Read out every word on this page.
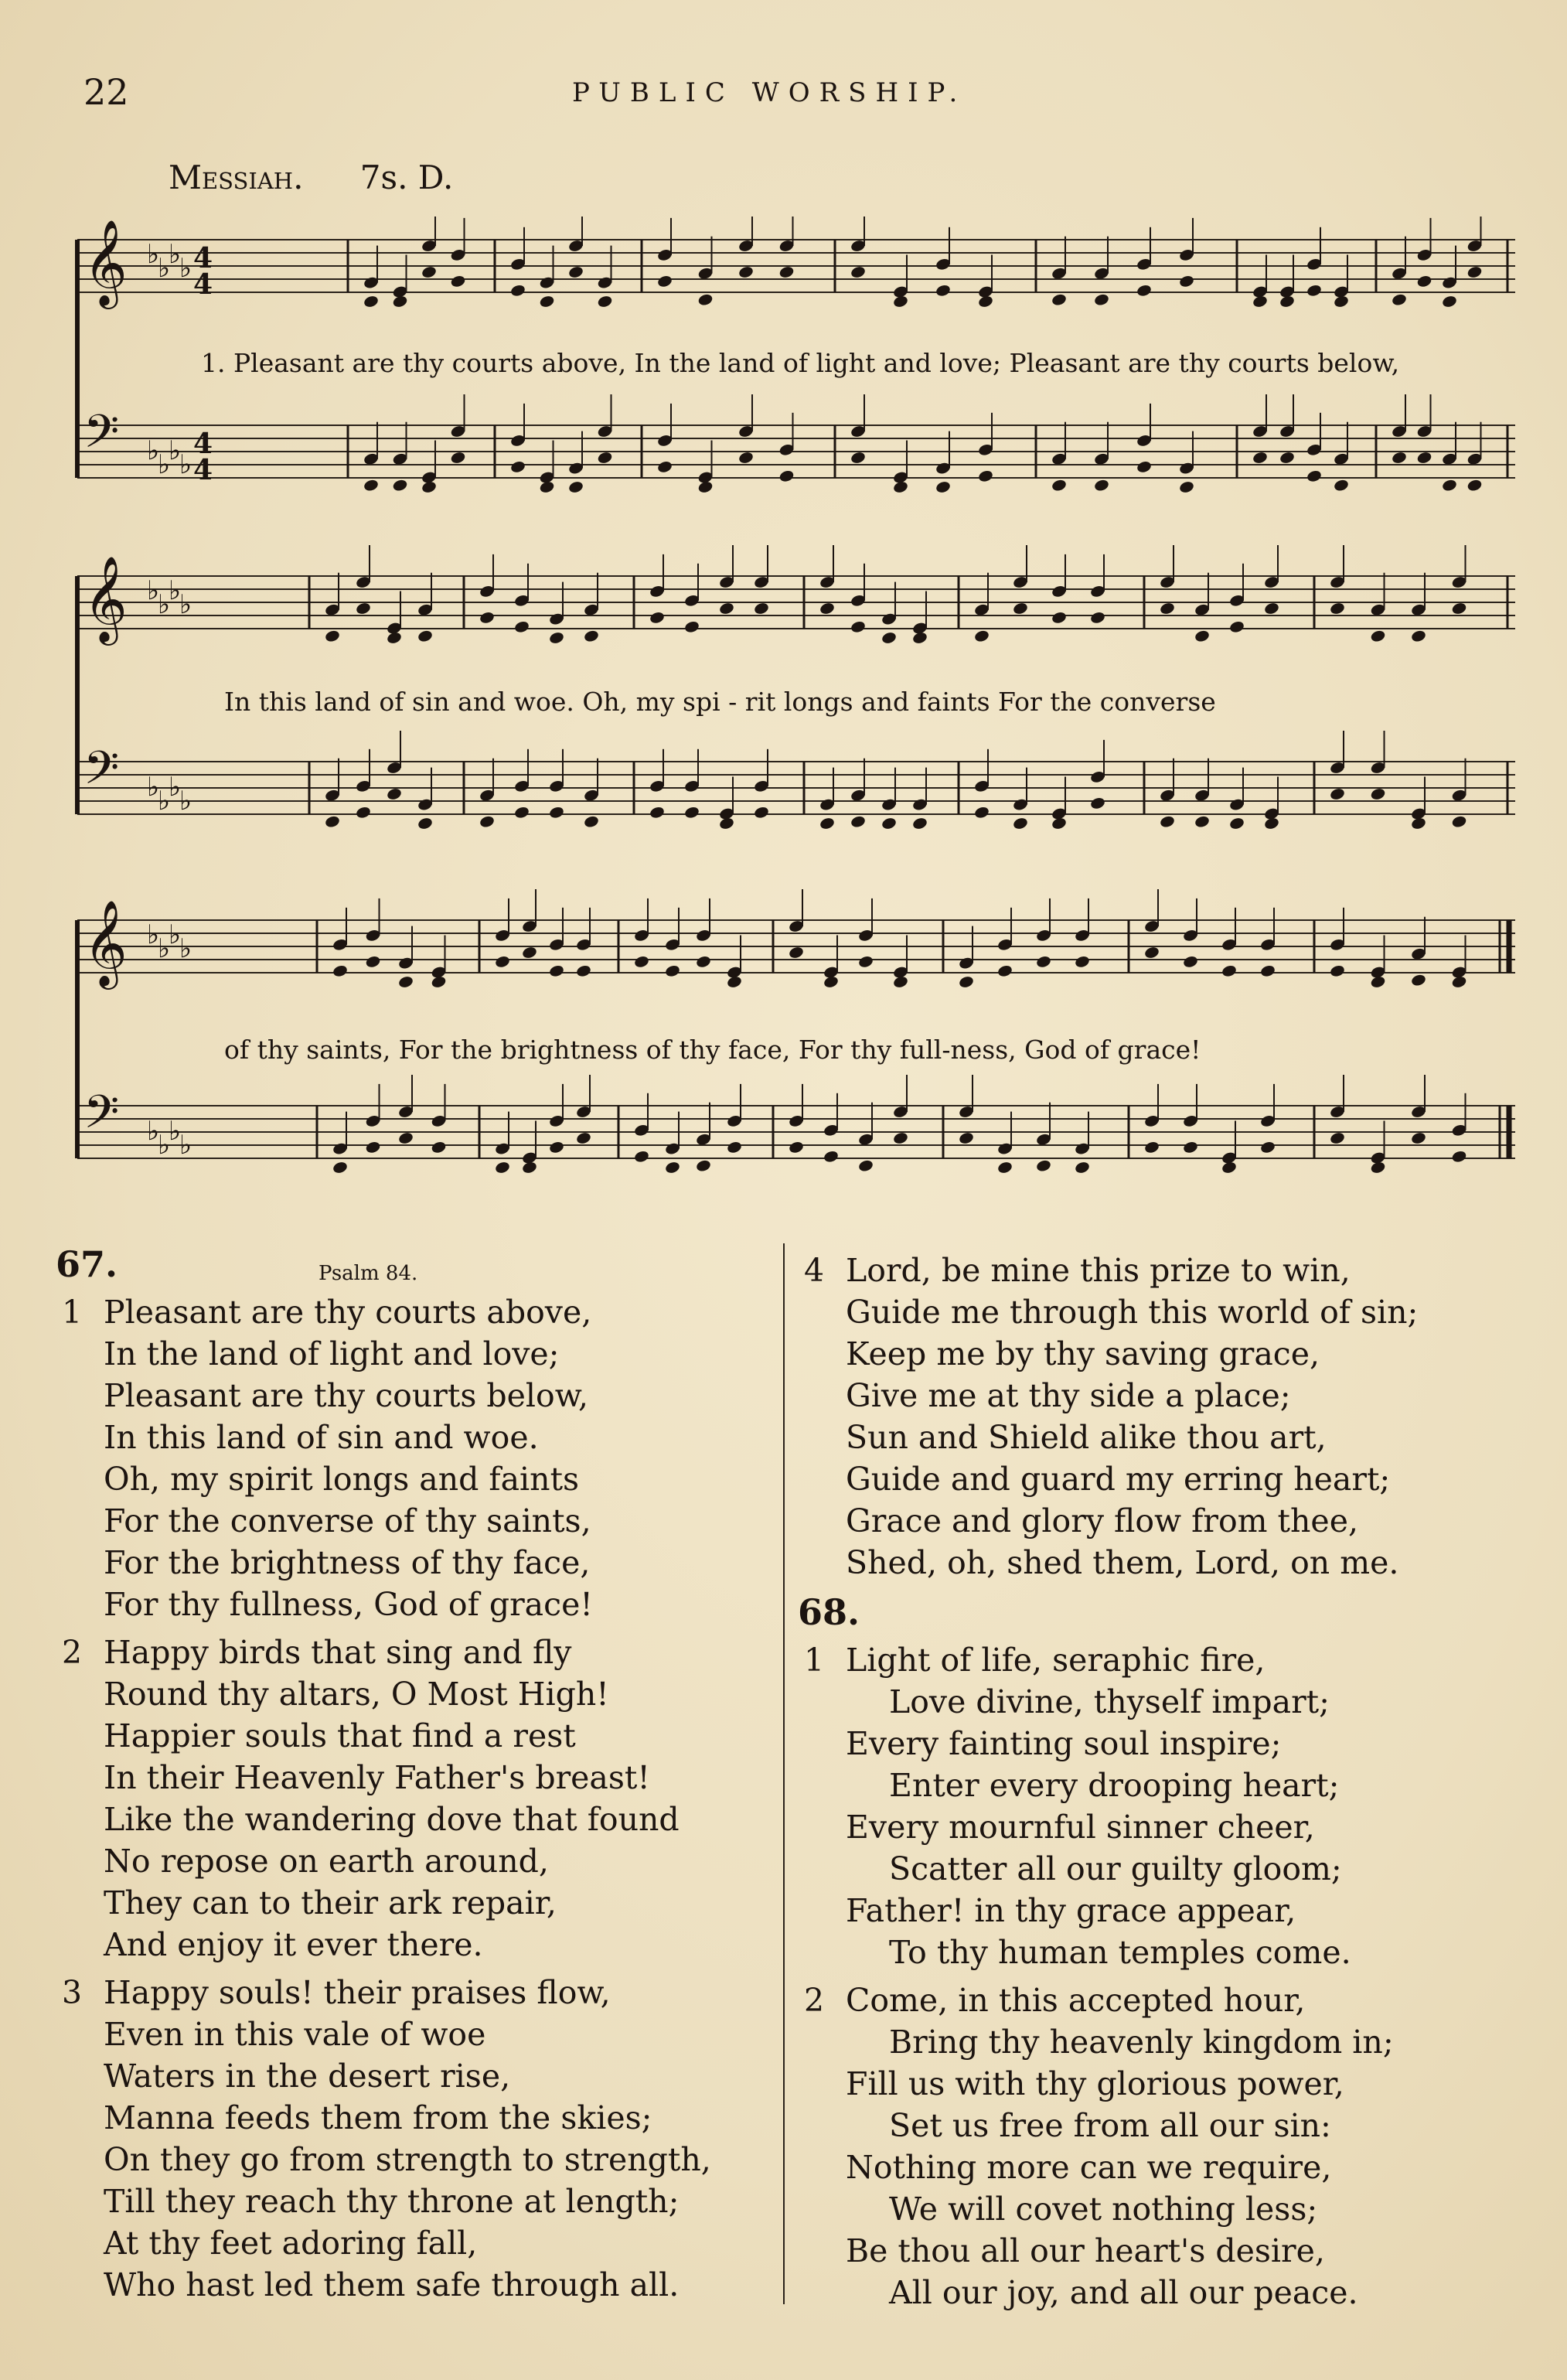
22	PUBLIC WORSHIP.
Messiah. 7s. D.
𝄞 ♭
♭
♭
♭ 4
4
𝄢 ♭
♭
♭
♭
4
4
𝄞 ♭
♭
♭
♭
𝄢 ♭
♭
♭
♭
𝄞 ♭
♭
♭
♭
𝄢 ♭
♭
♭
♭
1. Pleasant are thy courts above, In the land of light and love; Pleasant are thy courts below,
In this land of sin and woe. Oh, my spi - rit longs and faints For the converse
of thy saints, For the brightness of thy face, For thy full-ness, God of grace!
67.	Psalm 84.
1 Pleasant are thy courts above,
In the land of light and love;
Pleasant are thy courts below,
In this land of sin and woe.
Oh, my spirit longs and faints
For the converse of thy saints,
For the brightness of thy face,
For thy fullness, God of grace!
2 Happy birds that sing and fly
Round thy altars, O Most High!
Happier souls that find a rest
In their Heavenly Father's breast!
Like the wandering dove that found
No repose on earth around,
They can to their ark repair,
And enjoy it ever there.
3 Happy souls! their praises flow,
Even in this vale of woe
Waters in the desert rise,
Manna feeds them from the skies;
On they go from strength to strength,
Till they reach thy throne at length;
At thy feet adoring fall,
Who hast led them safe through all.
4 Lord, be mine this prize to win,
Guide me through this world of sin;
Keep me by thy saving grace,
Give me at thy side a place;
Sun and Shield alike thou art,
Guide and guard my erring heart;
Grace and glory flow from thee,
Shed, oh, shed them, Lord, on me.
68.
1 Light of life, seraphic fire,
Love divine, thyself impart;
Every fainting soul inspire;
Enter every drooping heart;
Every mournful sinner cheer,
Scatter all our guilty gloom;
Father! in thy grace appear,
To thy human temples come.
2 Come, in this accepted hour,
Bring thy heavenly kingdom in;
Fill us with thy glorious power,
Set us free from all our sin:
Nothing more can we require,
We will covet nothing less;
Be thou all our heart's desire,
All our joy, and all our peace.
